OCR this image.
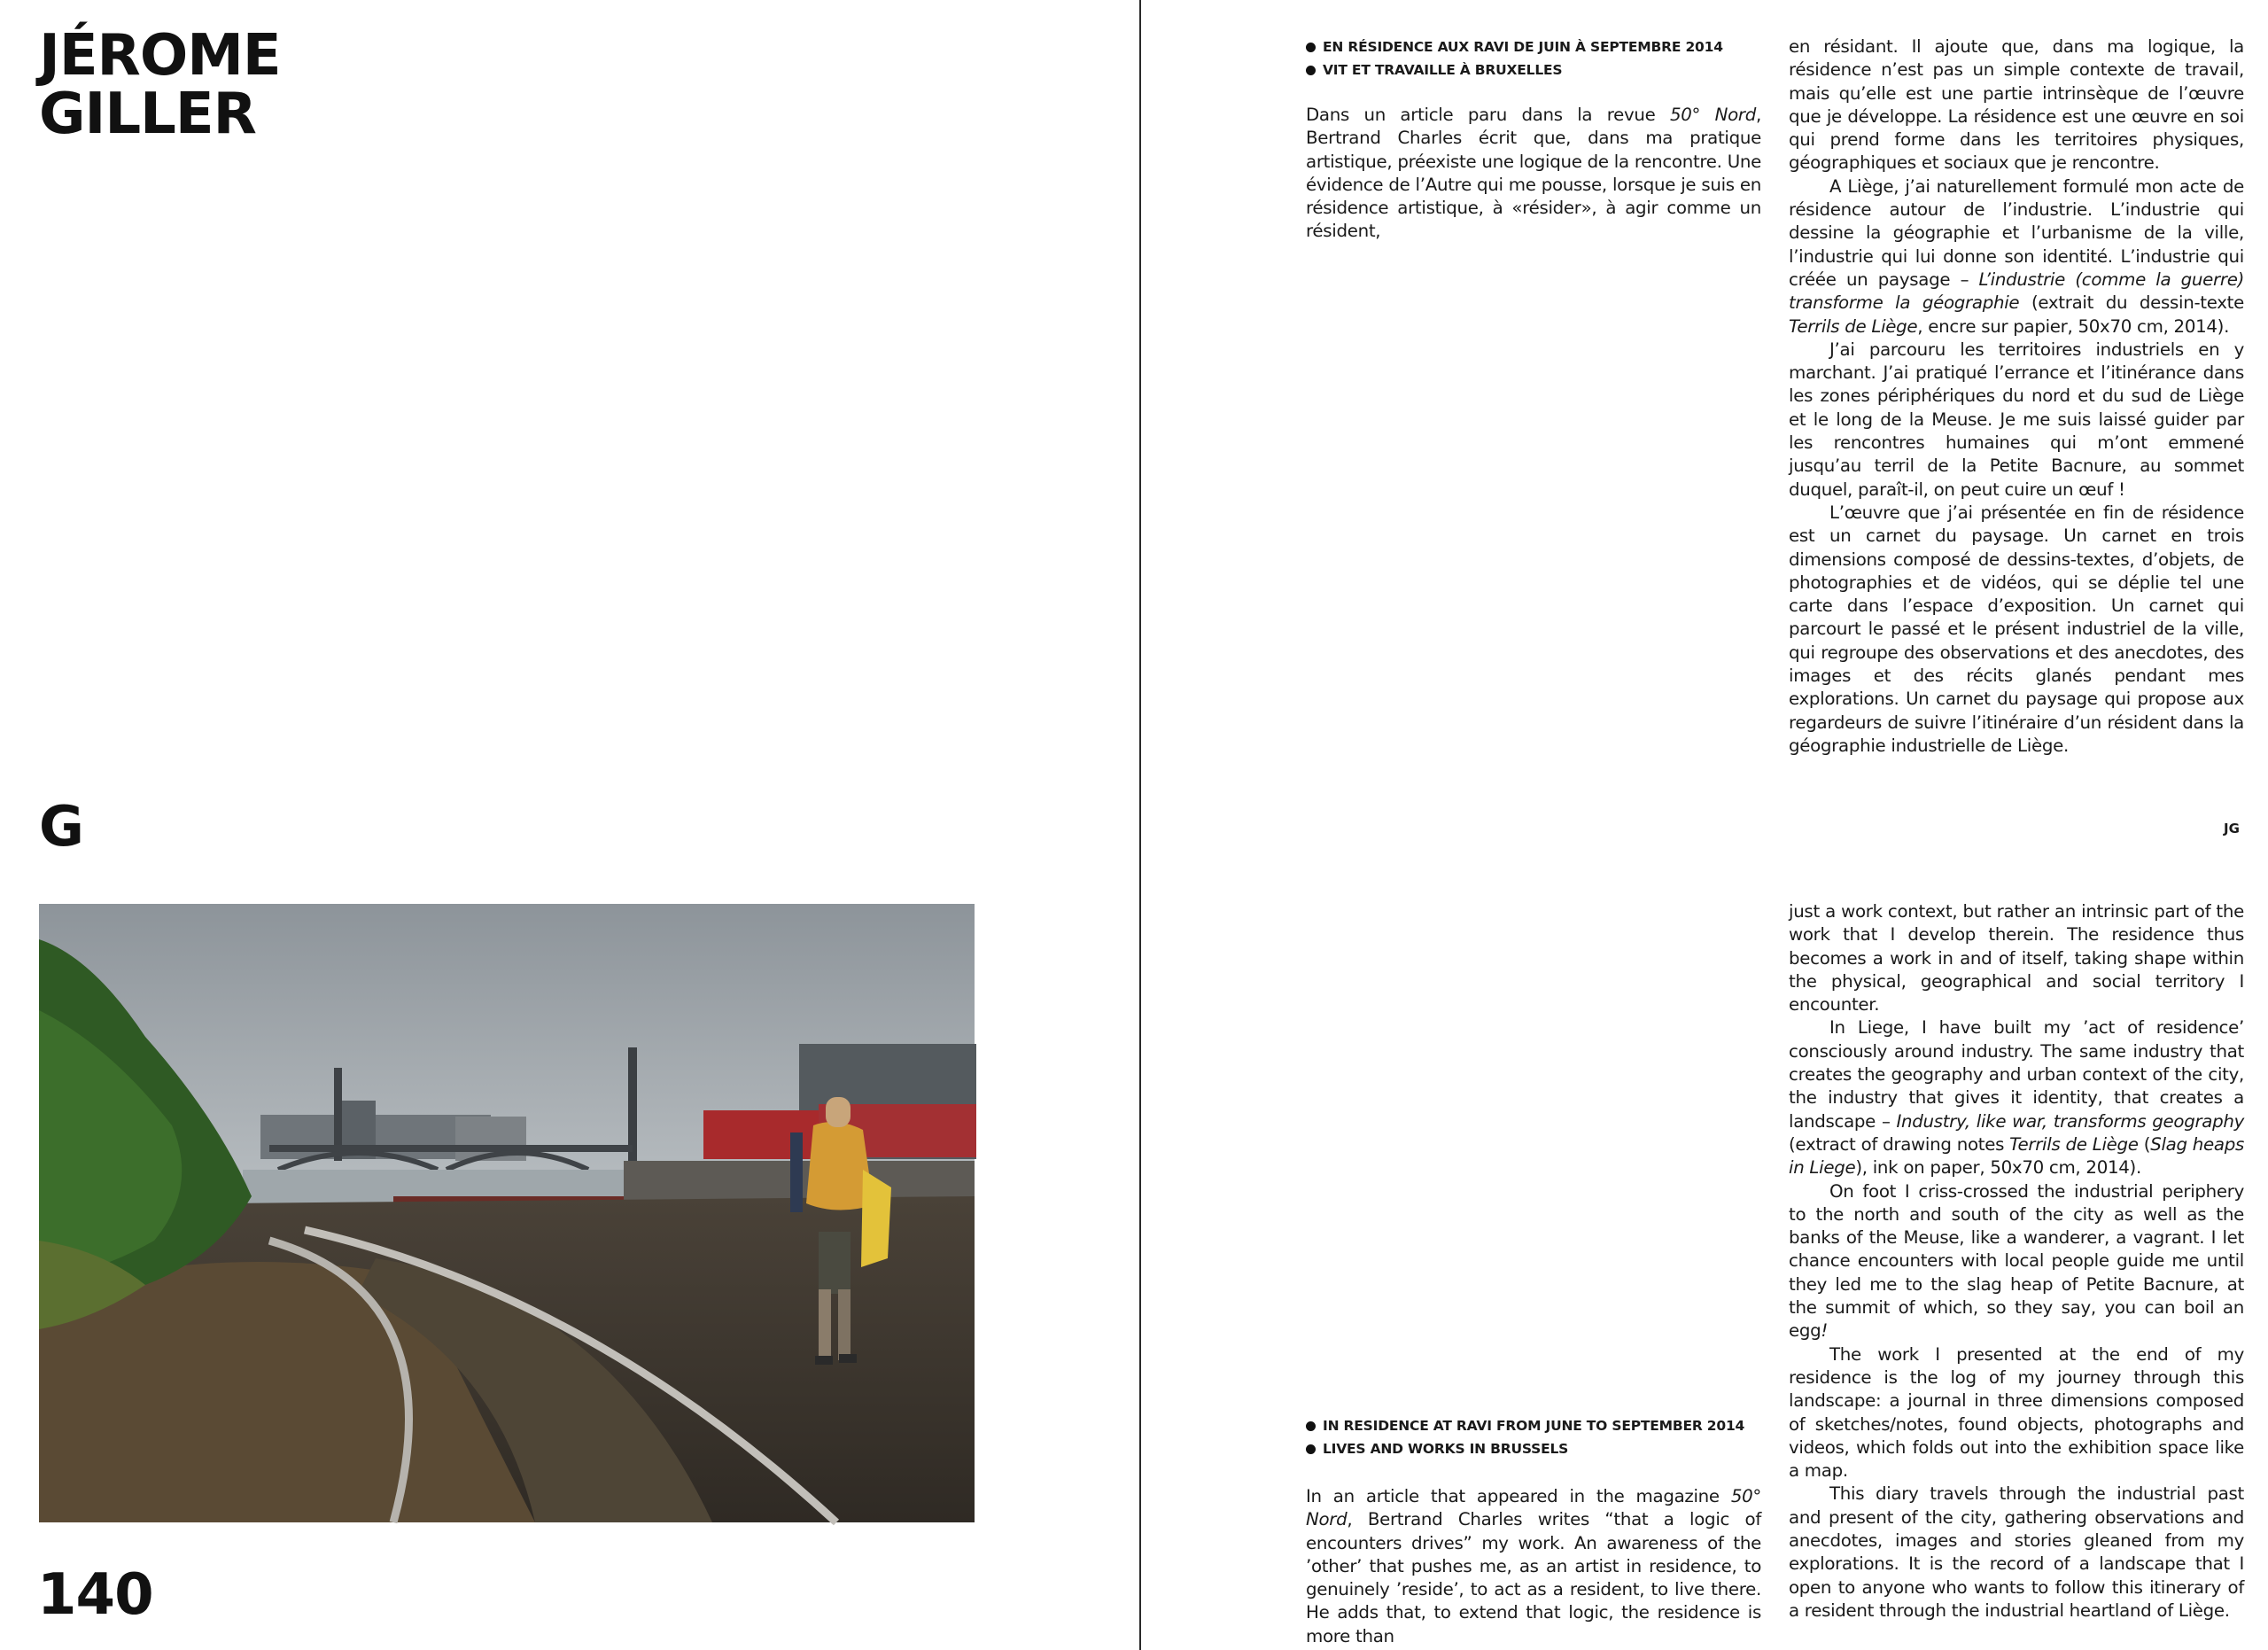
JÉROME
GILLER
G
140
EN RÉSIDENCE AUX RAVI DE JUIN À SEPTEMBRE 2014
VIT ET TRAVAILLE À BRUXELLES

Dans un article paru dans la revue 50° Nord, Bertrand Charles écrit que, dans ma pratique artistique, préexiste une logique de la rencontre. Une évidence de l’Autre qui me pousse, lorsque je suis en résidence artistique, à «résider», à agir comme un résident,

en résidant. Il ajoute que, dans ma logique, la résidence n’est pas un simple contexte de travail, mais qu’elle est une partie intrinsèque de l’œuvre que je développe. La résidence est une œuvre en soi qui prend forme dans les territoires physiques, géographiques et sociaux que je rencontre.

A Liège, j’ai naturellement formulé mon acte de résidence autour de l’industrie. L’industrie qui dessine la géographie et l’urbanisme de la ville, l’industrie qui lui donne son identité. L’industrie qui créée un paysage – L’industrie (comme la guerre) transforme la géographie (extrait du dessin-texte Terrils de Liège, encre sur papier, 50x70 cm, 2014).

J’ai parcouru les territoires industriels en y marchant. J’ai pratiqué l’errance et l’itinérance dans les zones périphériques du nord et du sud de Liège et le long de la Meuse. Je me suis laissé guider par les rencontres humaines qui m’ont emmené jusqu’au terril de la Petite Bacnure, au sommet duquel, paraît-il, on peut cuire un œuf !

L’œuvre que j’ai présentée en fin de résidence est un carnet du paysage. Un carnet en trois dimensions composé de dessins-textes, d’objets, de photographies et de vidéos, qui se déplie tel une carte dans l’espace d’exposition. Un carnet qui parcourt le passé et le présent industriel de la ville, qui regroupe des observations et des anecdotes, des images et des récits glanés pendant mes explorations. Un carnet du paysage qui propose aux regardeurs de suivre l’itinéraire d’un résident dans la géographie industrielle de Liège.

JG
IN RESIDENCE AT RAVI FROM JUNE TO SEPTEMBER 2014
LIVES AND WORKS IN BRUSSELS

In an article that appeared in the magazine 50° Nord, Bertrand Charles writes “that a logic of encounters drives” my work. An awareness of the ’other’ that pushes me, as an artist in residence, to genuinely ’reside’, to act as a resident, to live there. He adds that, to extend that logic, the residence is more than

just a work context, but rather an intrinsic part of the work that I develop therein. The residence thus becomes a work in and of itself, taking shape within the physical, geographical and social territory I encounter.

In Liege, I have built my ’act of residence’ consciously around industry. The same industry that creates the geography and urban context of the city, the industry that gives it identity, that creates a landscape – Industry, like war, transforms geography (extract of drawing notes Terrils de Liège (Slag heaps in Liege), ink on paper, 50x70 cm, 2014).

On foot I criss-crossed the industrial periphery to the north and south of the city as well as the banks of the Meuse, like a wanderer, a vagrant. I let chance encounters with local people guide me until they led me to the slag heap of Petite Bacnure, at the summit of which, so they say, you can boil an egg!

The work I presented at the end of my residence is the log of my journey through this landscape: a journal in three dimensions composed of sketches/notes, found objects, photographs and videos, which folds out into the exhibition space like a map.

This diary travels through the industrial past and present of the city, gathering observations and anecdotes, images and stories gleaned from my explorations. It is the record of a landscape that I open to anyone who wants to follow this itinerary of a resident through the industrial heartland of Liège.
